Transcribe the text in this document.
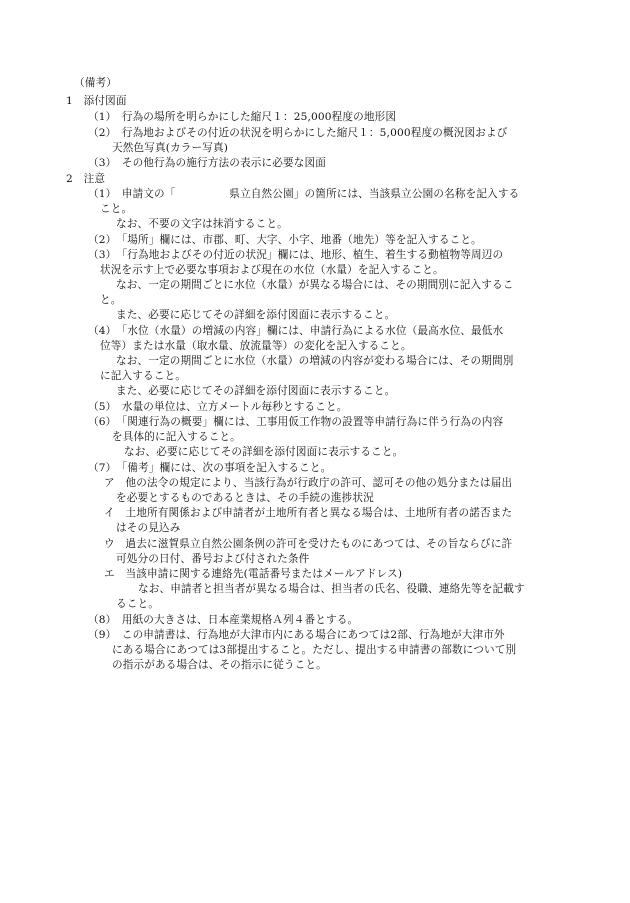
（備考）
1　添付図面
（1）　行為の場所を明らかにした縮尺１：25,000程度の地形図
（2）　行為地およびその付近の状況を明らかにした縮尺１：5,000程度の概況図および
天然色写真(カラー写真)
（3）　その他行為の施行方法の表示に必要な図面
2　注意
（1）　申請文の「　　　　　県立自然公園」の箇所には、当該県立公園の名称を記入する
こと。
なお、不要の文字は抹消すること。
（2）　「場所」欄には、市郡、町、大字、小字、地番（地先）等を記入すること。
（3）　「行為地およびその付近の状況」欄には、地形、植生、着生する動植物等周辺の
状況を示す上で必要な事項および現在の水位（水量）を記入すること。
なお、一定の期間ごとに水位（水量）が異なる場合には、その期間別に記入するこ
と。
また、必要に応じてその詳細を添付図面に表示すること。
（4）　「水位（水量）の増減の内容」欄には、申請行為による水位（最高水位、最低水
位等）または水量（取水量、放流量等）の変化を記入すること。
なお、一定の期間ごとに水位（水量）の増減の内容が変わる場合には、その期間別
に記入すること。
また、必要に応じてその詳細を添付図面に表示すること。
（5）　水量の単位は、立方メートル毎秒とすること。
（6）　「関連行為の概要」欄には、工事用仮工作物の設置等申請行為に伴う行為の内容
を具体的に記入すること。
なお、必要に応じてその詳細を添付図面に表示すること。
（7）　「備考」欄には、次の事項を記入すること。
ア　他の法令の規定により、当該行為が行政庁の許可、認可その他の処分または届出
を必要とするものであるときは、その手続の進捗状況
イ　土地所有関係および申請者が土地所有者と異なる場合は、土地所有者の諾否また
はその見込み
ウ　過去に滋賀県立自然公園条例の許可を受けたものにあつては、その旨ならびに許
可処分の日付、番号および付された条件
エ　当該申請に関する連絡先(電話番号またはメールアドレス)
なお、申請者と担当者が異なる場合は、担当者の氏名、役職、連絡先等を記載す
ること。
（8）　用紙の大きさは、日本産業規格Ａ列４番とする。
（9）　この申請書は、行為地が大津市内にある場合にあつては2部、行為地が大津市外
にある場合にあつては3部提出すること。ただし、提出する申請書の部数について別
の指示がある場合は、その指示に従うこと。
